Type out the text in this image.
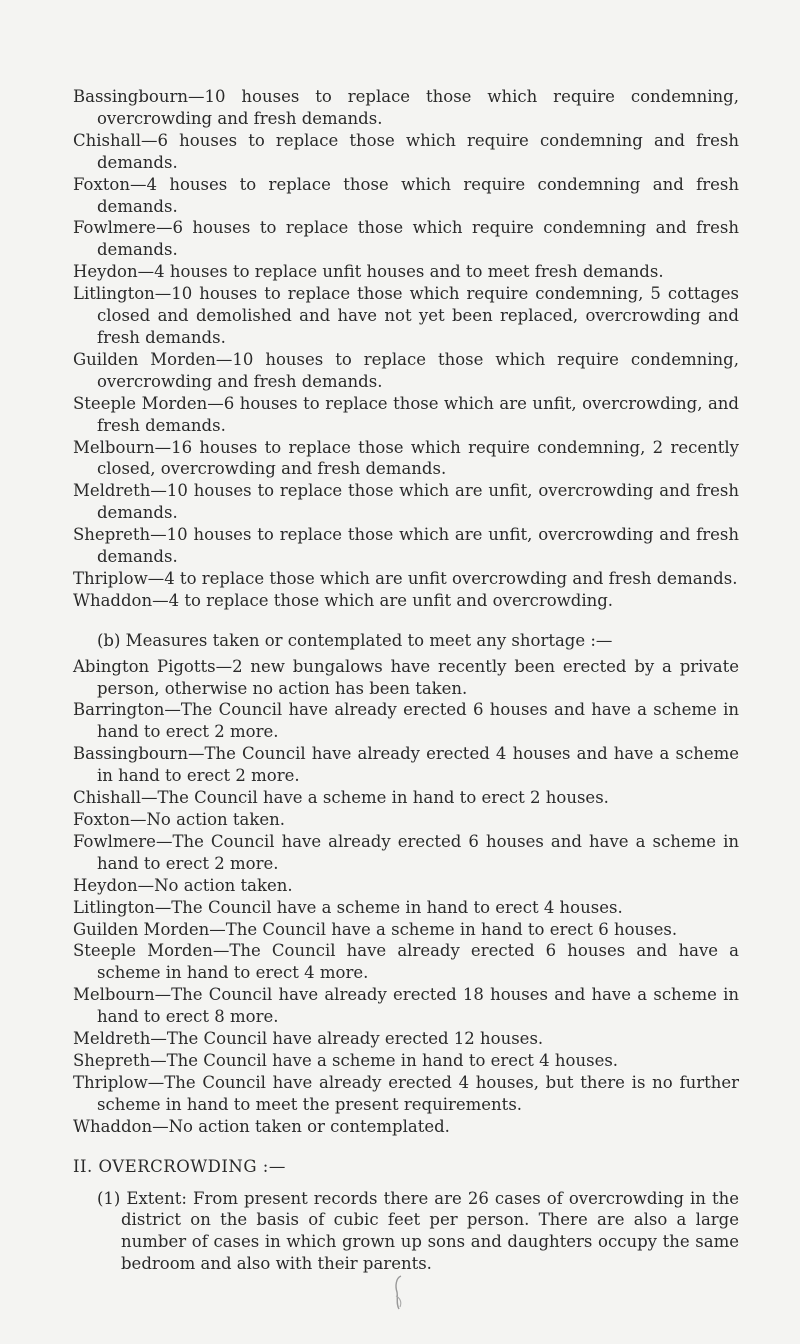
Bassingbourn—10 houses to replace those which require condemning, overcrowding and fresh demands.

Chishall—6 houses to replace those which require condemning and fresh demands.

Foxton—4 houses to replace those which require condemning and fresh demands.

Fowlmere—6 houses to replace those which require condemning and fresh demands.

Heydon—4 houses to replace unfit houses and to meet fresh demands.

Litlington—10 houses to replace those which require condemning, 5 cottages closed and demolished and have not yet been replaced, overcrowding and fresh demands.

Guilden Morden—10 houses to replace those which require condemning, overcrowding and fresh demands.

Steeple Morden—6 houses to replace those which are unfit, overcrowding, and fresh demands.

Melbourn—16 houses to replace those which require condemning, 2 recently closed, overcrowding and fresh demands.

Meldreth—10 houses to replace those which are unfit, overcrowding and fresh demands.

Shepreth—10 houses to replace those which are unfit, overcrowding and fresh demands.

Thriplow—4 to replace those which are unfit overcrowding and fresh demands.

Whaddon—4 to replace those which are unfit and overcrowding.

(b) Measures taken or contemplated to meet any shortage :—

Abington Pigotts—2 new bungalows have recently been erected by a private person, otherwise no action has been taken.

Barrington—The Council have already erected 6 houses and have a scheme in hand to erect 2 more.

Bassingbourn—The Council have already erected 4 houses and have a scheme in hand to erect 2 more.

Chishall—The Council have a scheme in hand to erect 2 houses.

Foxton—No action taken.

Fowlmere—The Council have already erected 6 houses and have a scheme in hand to erect 2 more.

Heydon—No action taken.

Litlington—The Council have a scheme in hand to erect 4 houses.

Guilden Morden—The Council have a scheme in hand to erect 6 houses.

Steeple Morden—The Council have already erected 6 houses and have a scheme in hand to erect 4 more.

Melbourn—The Council have already erected 18 houses and have a scheme in hand to erect 8 more.

Meldreth—The Council have already erected 12 houses.

Shepreth—The Council have a scheme in hand to erect 4 houses.

Thriplow—The Council have already erected 4 houses, but there is no further scheme in hand to meet the present requirements.

Whaddon—No action taken or contemplated.

II. OVERCROWDING :—

(1) Extent: From present records there are 26 cases of overcrowding in the district on the basis of cubic feet per person. There are also a large number of cases in which grown up sons and daughters occupy the same bedroom and also with their parents.
